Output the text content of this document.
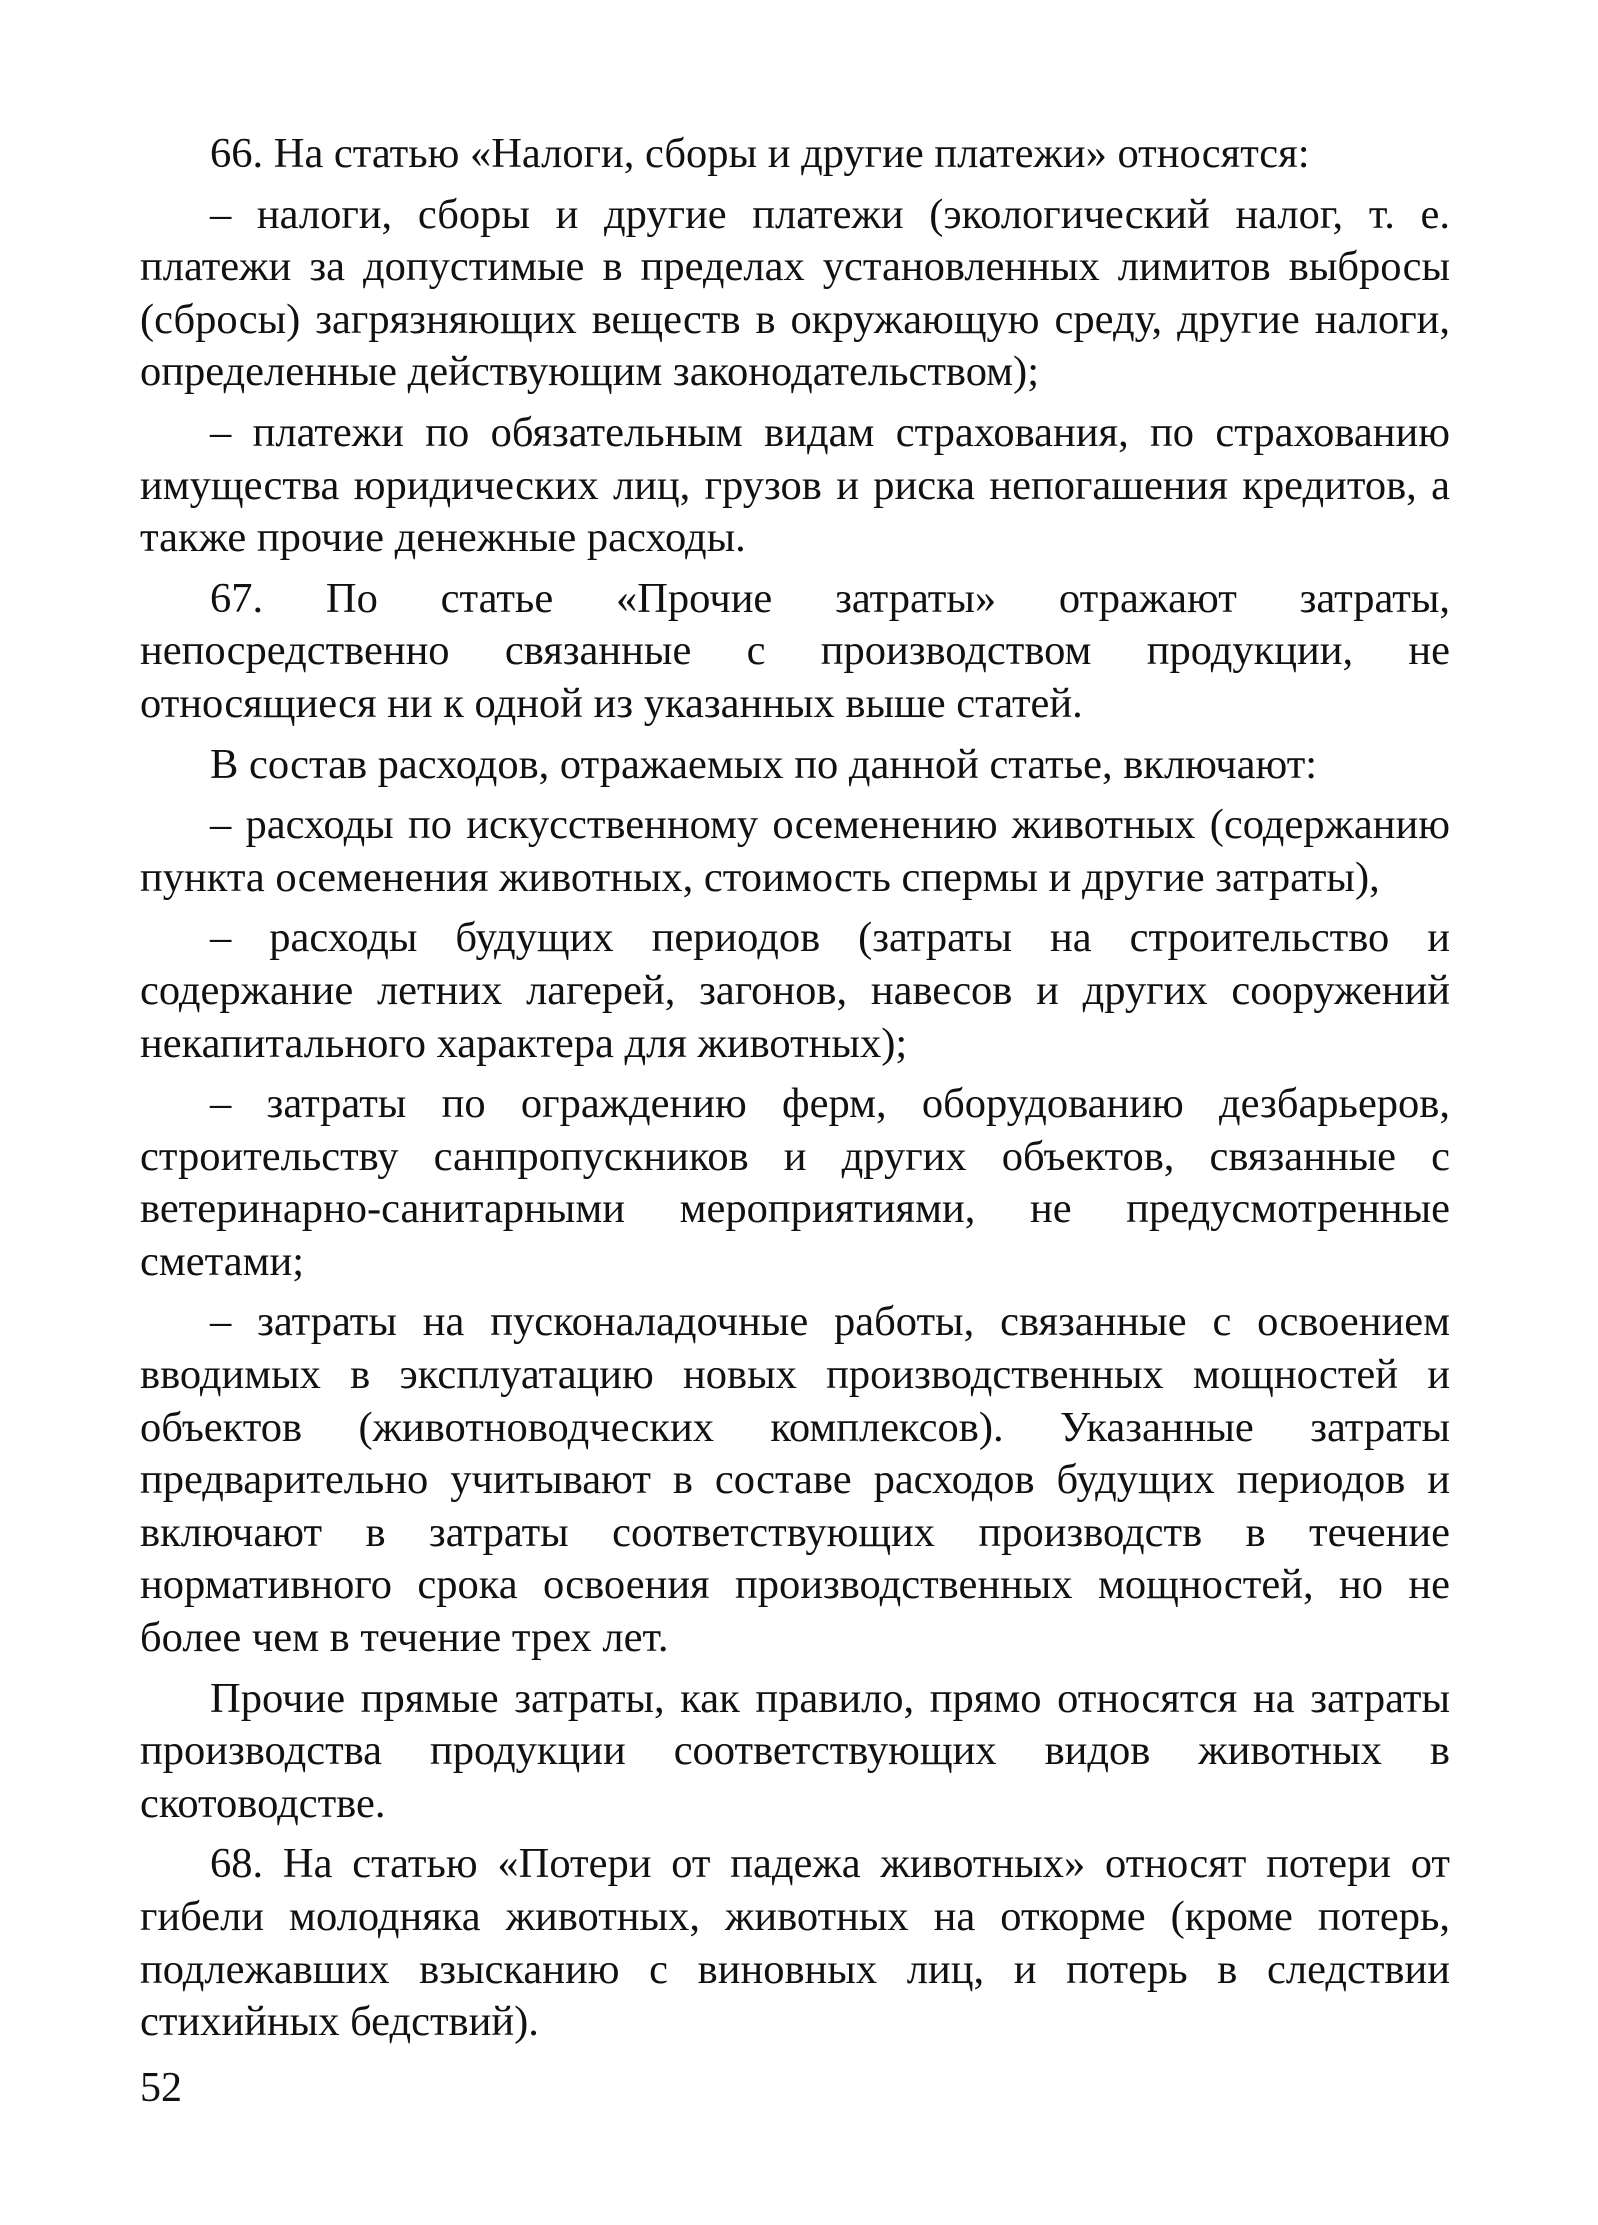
66. На статью «Налоги, сборы и другие платежи» относятся:

– налоги, сборы и другие платежи (экологический налог, т. е. платежи за допустимые в пределах установленных лимитов выбросы (сбросы) загрязняющих веществ в окружающую среду, другие налоги, определенные действующим законодательством);

– платежи по обязательным видам страхования, по страхованию имущества юридических лиц, грузов и риска непогашения кредитов, а также прочие денежные расходы.

67. По статье «Прочие затраты» отражают затраты, непосредственно связанные с производством продукции, не относящиеся ни к одной из указанных выше статей.

В состав расходов, отражаемых по данной статье, включают:

– расходы по искусственному осеменению животных (содержанию пункта осеменения животных, стоимость спермы и другие затраты),

– расходы будущих периодов (затраты на строительство и содержание летних лагерей, загонов, навесов и других сооружений некапитального характера для животных);

– затраты по ограждению ферм, оборудованию дезбарьеров, строительству санпропускников и других объектов, связанные с ветеринарно-санитарными мероприятиями, не предусмотренные сметами;

– затраты на пусконаладочные работы, связанные с освоением вводимых в эксплуатацию новых производственных мощностей и объектов (животноводческих комплексов). Указанные затраты предварительно учитывают в составе расходов будущих периодов и включают в затраты соответствующих производств в течение нормативного срока освоения производственных мощностей, но не более чем в течение трех лет.

Прочие прямые затраты, как правило, прямо относятся на затраты производства продукции соответствующих видов животных в скотоводстве.

68. На статью «Потери от падежа животных» относят потери от гибели молодняка животных, животных на откорме (кроме потерь, подлежавших взысканию с виновных лиц, и потерь в следствии стихийных бедствий).

52
